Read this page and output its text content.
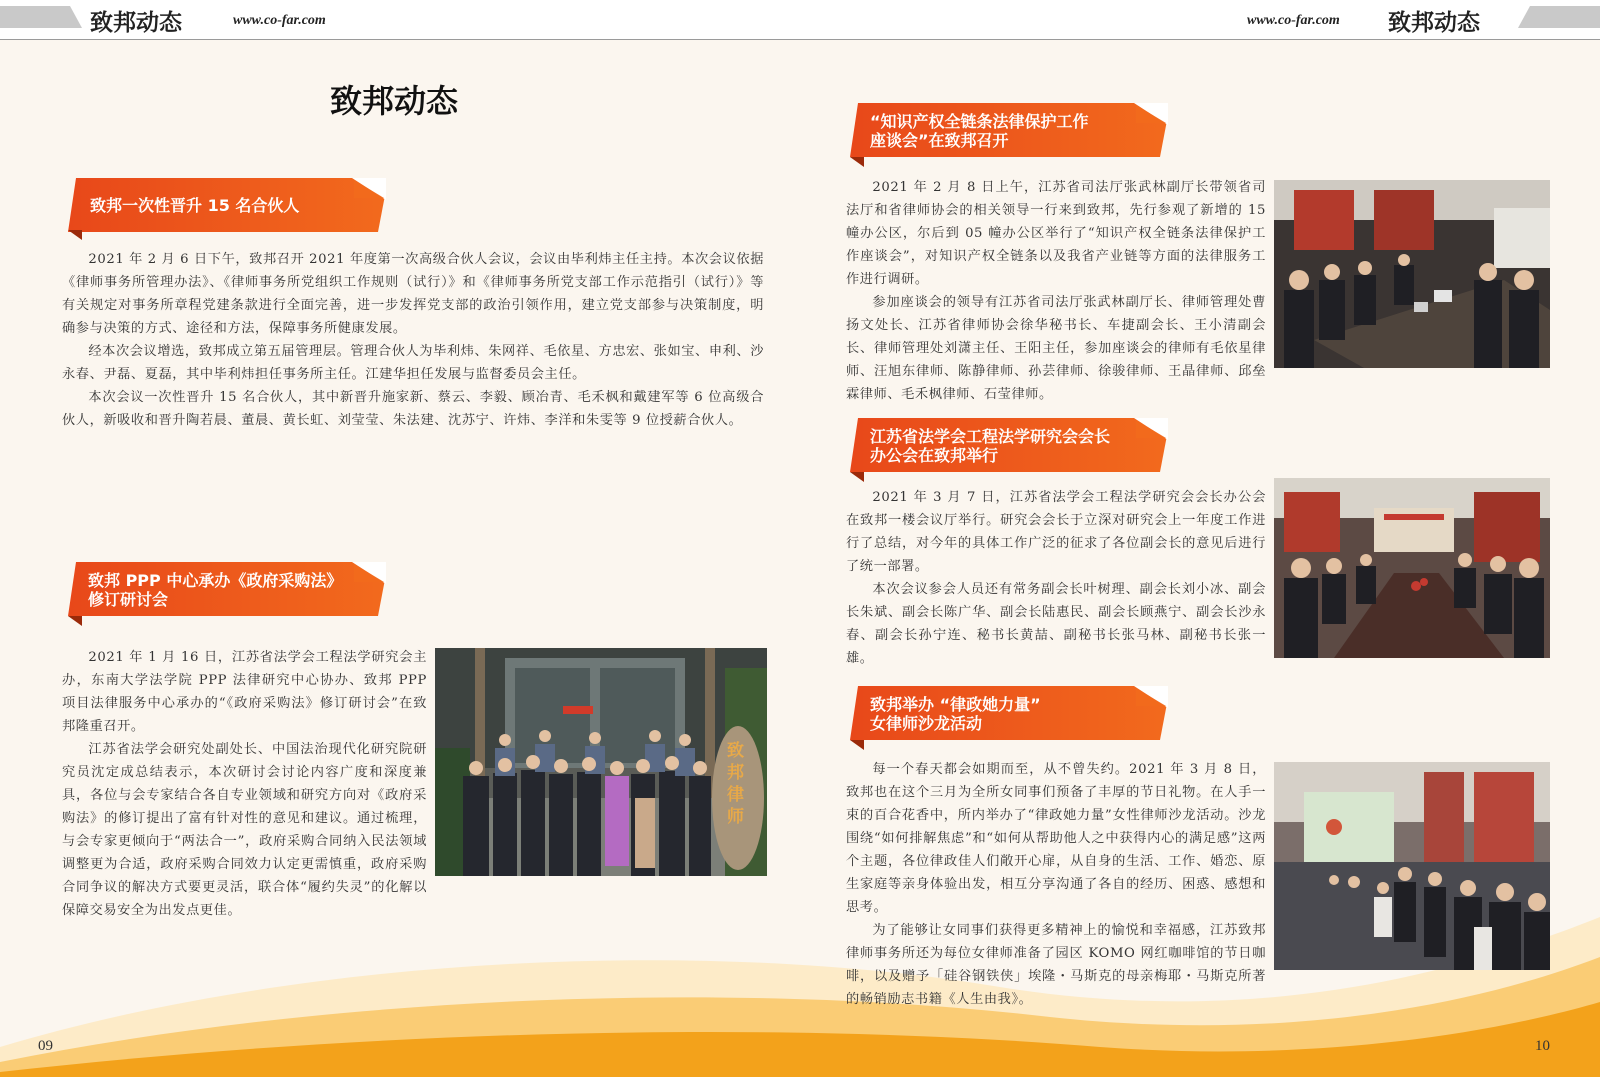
致邦动态	www.co-far.com	www.co-far.com 致邦动态
致邦动态
致邦一次性晋升 15 名合伙人

2021 年 2 月 6 日下午，致邦召开 2021 年度第一次高级合伙人会议，会议由毕利炜主任主持。本次会议依据《律师事务所管理办法》、《律师事务所党组织工作规则（试行）》和《律师事务所党支部工作示范指引（试行）》等有关规定对事务所章程党建条款进行全面完善，进一步发挥党支部的政治引领作用，建立党支部参与决策制度，明确参与决策的方式、途径和方法，保障事务所健康发展。

经本次会议增选，致邦成立第五届管理层。管理合伙人为毕利炜、朱网祥、毛依星、方忠宏、张如宝、申利、沙永春、尹磊、夏磊，其中毕利炜担任事务所主任。江建华担任发展与监督委员会主任。

本次会议一次性晋升 15 名合伙人，其中新晋升施家新、蔡云、李毅、顾冶青、毛禾枫和戴建军等 6 位高级合伙人，新吸收和晋升陶若晨、董晨、黄长虹、刘莹莹、朱法建、沈苏宁、许炜、李洋和朱雯等 9 位授薪合伙人。

致邦 PPP 中心承办《政府采购法》
修订研讨会

2021 年 1 月 16 日，江苏省法学会工程法学研究会主办，东南大学法学院 PPP 法律研究中心协办、致邦 PPP 项目法律服务中心承办的“《政府采购法》修订研讨会”在致邦隆重召开。

江苏省法学会研究处副处长、中国法治现代化研究院研究员沈定成总结表示，本次研讨会讨论内容广度和深度兼具，各位与会专家结合各自专业领域和研究方向对《政府采购法》的修订提出了富有针对性的意见和建议。通过梳理，与会专家更倾向于“两法合一”，政府采购合同纳入民法领域调整更为合适，政府采购合同效力认定更需慎重，政府采购合同争议的解决方式要更灵活，联合体“履约失灵”的化解以保障交易安全为出发点更佳。

致邦律师
“知识产权全链条法律保护工作
座谈会”在致邦召开

2021 年 2 月 8 日上午，江苏省司法厅张武林副厅长带领省司法厅和省律师协会的相关领导一行来到致邦，先行参观了新增的 15 幢办公区，尔后到 05 幢办公区举行了“知识产权全链条法律保护工作座谈会”，对知识产权全链条以及我省产业链等方面的法律服务工作进行调研。

参加座谈会的领导有江苏省司法厅张武林副厅长、律师管理处曹扬文处长、江苏省律师协会徐华秘书长、车捷副会长、王小清副会长、律师管理处刘潇主任、王阳主任，参加座谈会的律师有毛依星律师、汪旭东律师、陈静律师、孙芸律师、徐骏律师、王晶律师、邱垒霖律师、毛禾枫律师、石莹律师。

江苏省法学会工程法学研究会会长
办公会在致邦举行

2021 年 3 月 7 日，江苏省法学会工程法学研究会会长办公会在致邦一楼会议厅举行。研究会会长于立深对研究会上一年度工作进行了总结，对今年的具体工作广泛的征求了各位副会长的意见后进行了统一部署。

本次会议参会人员还有常务副会长叶树理、副会长刘小冰、副会长朱斌、副会长陈广华、副会长陆惠民、副会长顾燕宁、副会长沙永春、副会长孙宁连、秘书长黄喆、副秘书长张马林、副秘书长张一雄。

致邦举办 “律政她力量”
女律师沙龙活动

每一个春天都会如期而至，从不曾失约。2021 年 3 月 8 日，致邦也在这个三月为全所女同事们预备了丰厚的节日礼物。在人手一束的百合花香中，所内举办了“律政她力量”女性律师沙龙活动。沙龙围绕“如何排解焦虑”和“如何从帮助他人之中获得内心的满足感”这两个主题，各位律政佳人们敞开心扉，从自身的生活、工作、婚恋、原生家庭等亲身体验出发，相互分享沟通了各自的经历、困惑、感想和思考。

为了能够让女同事们获得更多精神上的愉悦和幸福感，江苏致邦律师事务所还为每位女律师准备了园区 KOMO 网红咖啡馆的节日咖啡，以及赠予「硅谷钢铁侠」埃隆・马斯克的母亲梅耶・马斯克所著的畅销励志书籍《人生由我》。

09	10
